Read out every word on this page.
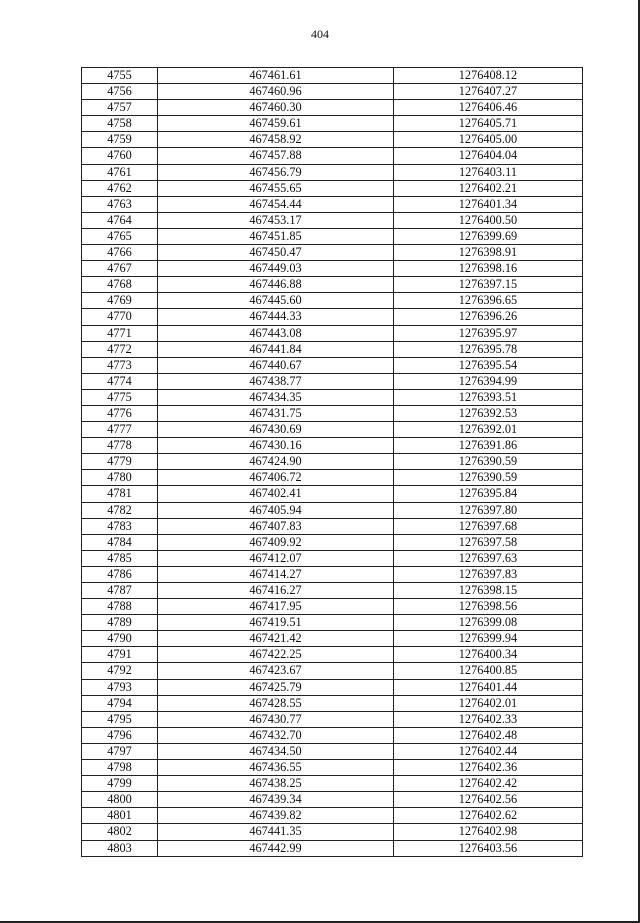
404
4755	467461.61	1276408.12
4756	467460.96	1276407.27
4757	467460.30	1276406.46
4758	467459.61	1276405.71
4759	467458.92	1276405.00
4760	467457.88	1276404.04
4761	467456.79	1276403.11
4762	467455.65	1276402.21
4763	467454.44	1276401.34
4764	467453.17	1276400.50
4765	467451.85	1276399.69
4766	467450.47	1276398.91
4767	467449.03	1276398.16
4768	467446.88	1276397.15
4769	467445.60	1276396.65
4770	467444.33	1276396.26
4771	467443.08	1276395.97
4772	467441.84	1276395.78
4773	467440.67	1276395.54
4774	467438.77	1276394.99
4775	467434.35	1276393.51
4776	467431.75	1276392.53
4777	467430.69	1276392.01
4778	467430.16	1276391.86
4779	467424.90	1276390.59
4780	467406.72	1276390.59
4781	467402.41	1276395.84
4782	467405.94	1276397.80
4783	467407.83	1276397.68
4784	467409.92	1276397.58
4785	467412.07	1276397.63
4786	467414.27	1276397.83
4787	467416.27	1276398.15
4788	467417.95	1276398.56
4789	467419.51	1276399.08
4790	467421.42	1276399.94
4791	467422.25	1276400.34
4792	467423.67	1276400.85
4793	467425.79	1276401.44
4794	467428.55	1276402.01
4795	467430.77	1276402.33
4796	467432.70	1276402.48
4797	467434.50	1276402.44
4798	467436.55	1276402.36
4799	467438.25	1276402.42
4800	467439.34	1276402.56
4801	467439.82	1276402.62
4802	467441.35	1276402.98
4803	467442.99	1276403.56
